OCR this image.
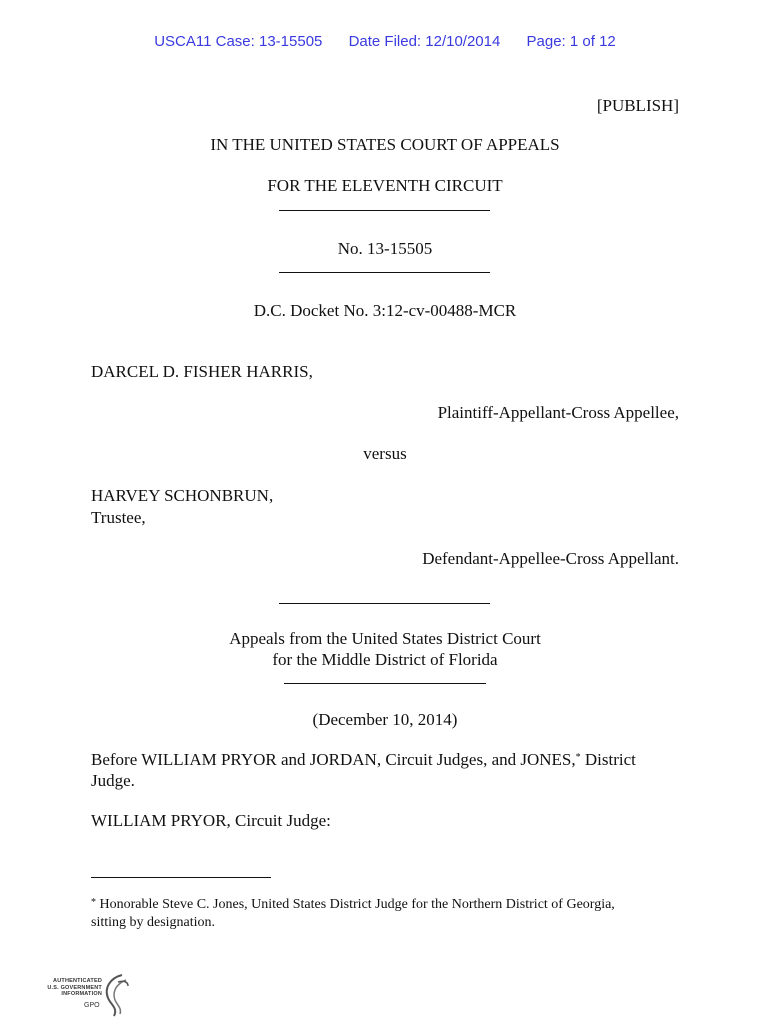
USCA11 Case: 13-15505 Date Filed: 12/10/2014 Page: 1 of 12
[PUBLISH]
IN THE UNITED STATES COURT OF APPEALS
FOR THE ELEVENTH CIRCUIT
No. 13-15505
D.C. Docket No. 3:12-cv-00488-MCR
DARCEL D. FISHER HARRIS,
Plaintiff-Appellant-Cross Appellee,
versus
HARVEY SCHONBRUN,
Trustee,
Defendant-Appellee-Cross Appellant.
Appeals from the United States District Court
for the Middle District of Florida
(December 10, 2014)
Before WILLIAM PRYOR and JORDAN, Circuit Judges, and JONES,* District
Judge.
WILLIAM PRYOR, Circuit Judge:
* Honorable Steve C. Jones, United States District Judge for the Northern District of Georgia,
sitting by designation.
AUTHENTICATED
U.S. GOVERNMENT
INFORMATION
GPO
